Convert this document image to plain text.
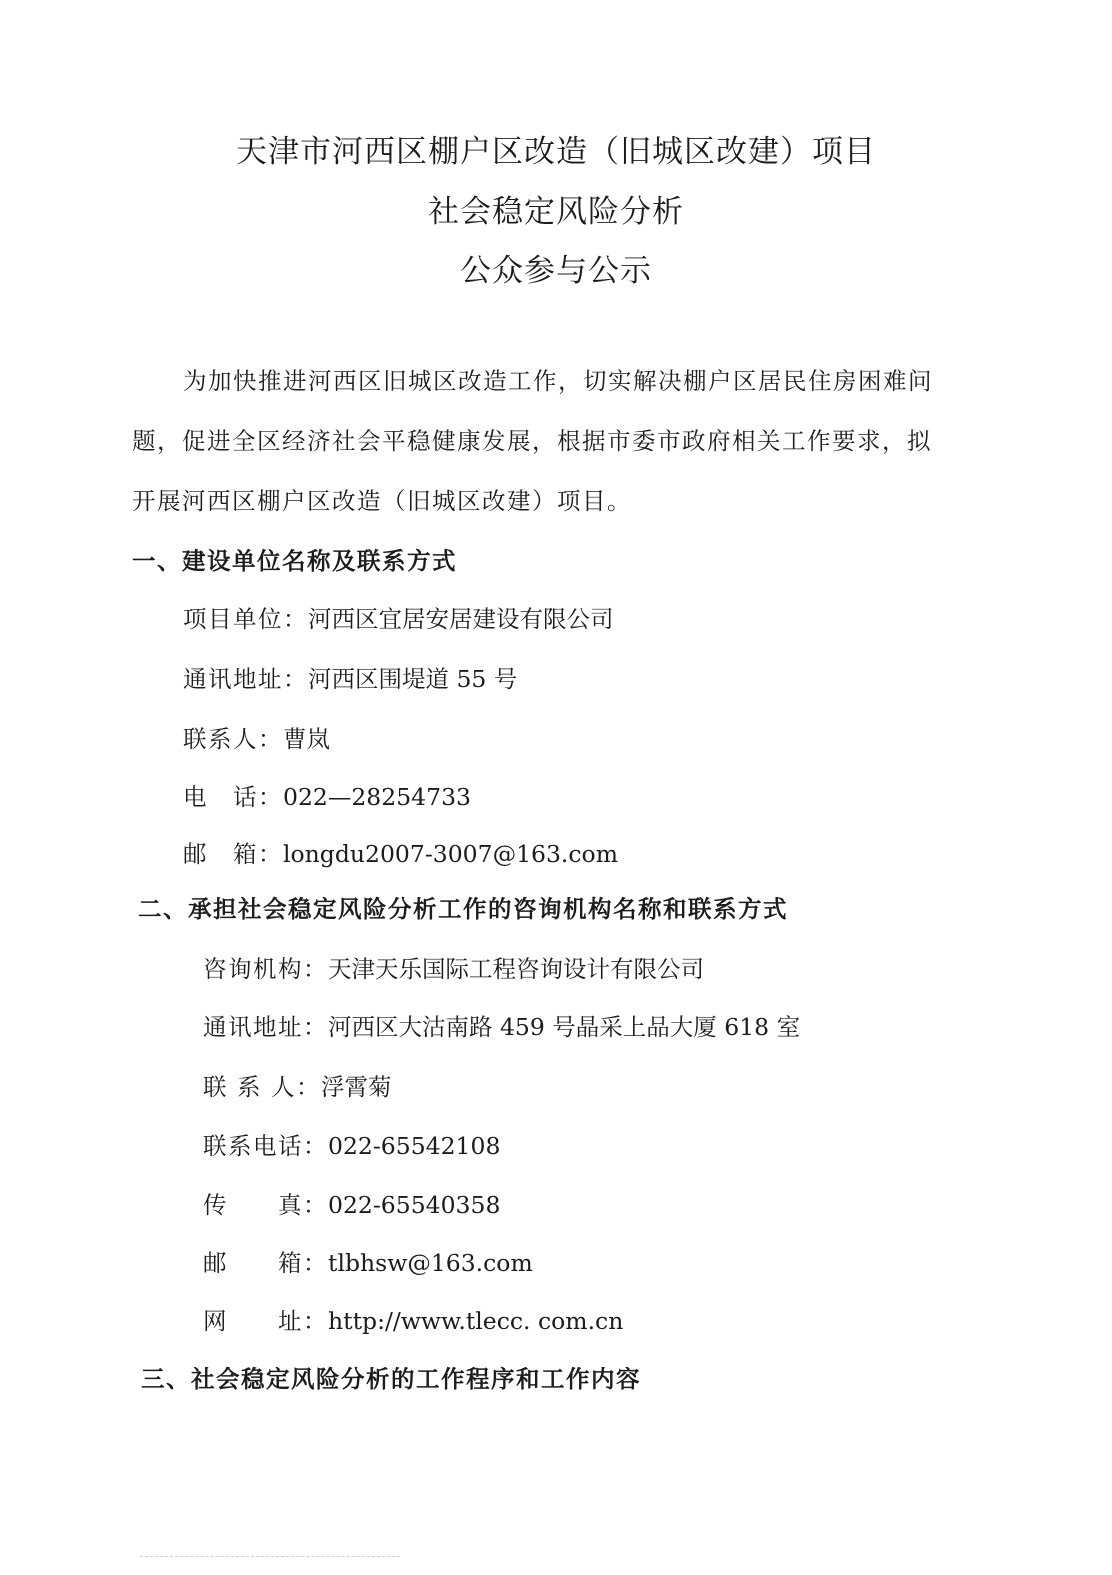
天津市河西区棚户区改造（旧城区改建）项目
社会稳定风险分析
公众参与公示
为加快推进河西区旧城区改造工作，切实解决棚户区居民住房困难问
题，促进全区经济社会平稳健康发展，根据市委市政府相关工作要求，拟
开展河西区棚户区改造（旧城区改建）项目。
一、建设单位名称及联系方式
项目单位：河西区宜居安居建设有限公司
通讯地址：河西区围堤道 55 号
联系人：曹岚
电　话：022—28254733
邮　箱：longdu2007-3007@163.com
二、承担社会稳定风险分析工作的咨询机构名称和联系方式
咨询机构：天津天乐国际工程咨询设计有限公司
通讯地址：河西区大沽南路 459 号晶采上品大厦 618 室
联 系 人：浮霄菊
联系电话：022-65542108
传　　真：022-65540358
邮　　箱：tlbhsw@163.com
网　　址：http://www.tlecc. com.cn
三、社会稳定风险分析的工作程序和工作内容
